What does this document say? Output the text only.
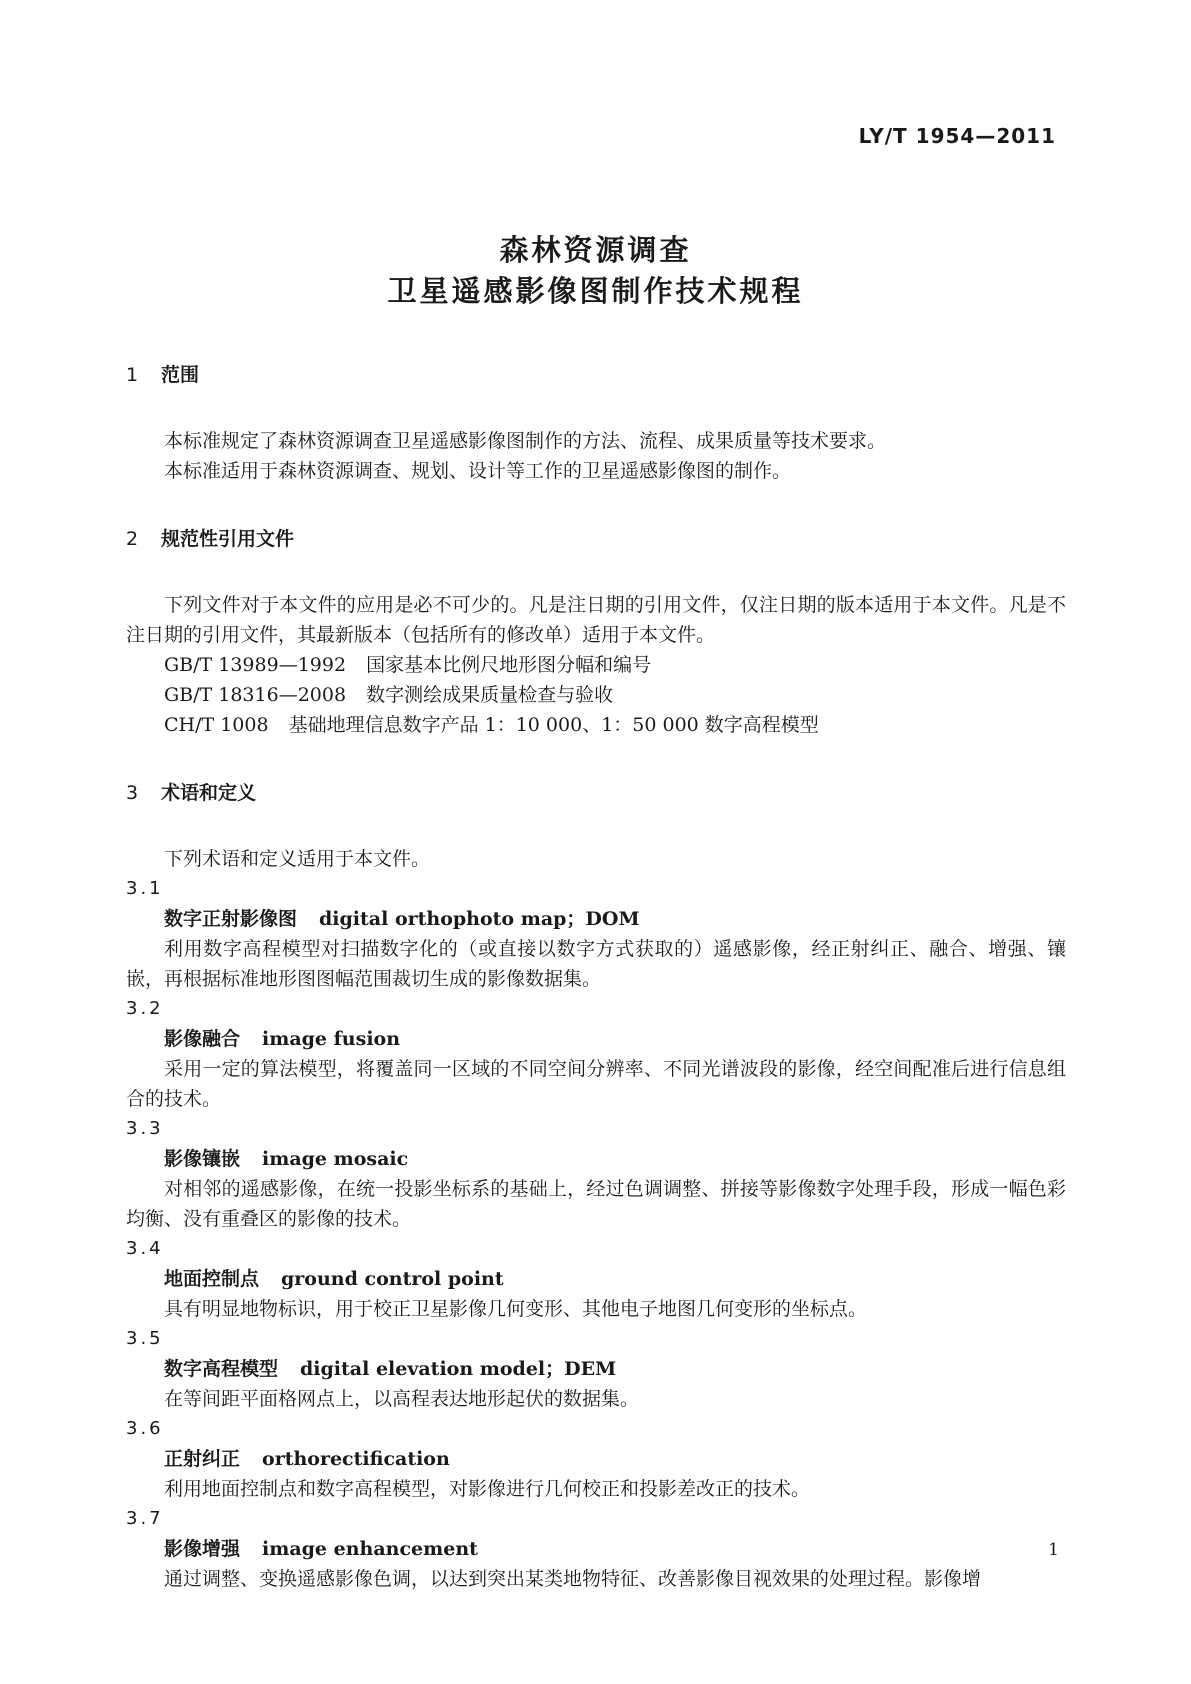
LY/T 1954—2011
森林资源调查
卫星遥感影像图制作技术规程
1	范围

本标准规定了森林资源调查卫星遥感影像图制作的方法、流程、成果质量等技术要求。

本标准适用于森林资源调查、规划、设计等工作的卫星遥感影像图的制作。

2	规范性引用文件

下列文件对于本文件的应用是必不可少的。凡是注日期的引用文件，仅注日期的版本适用于本文件。凡是不注日期的引用文件，其最新版本（包括所有的修改单）适用于本文件。

GB/T 13989—1992 国家基本比例尺地形图分幅和编号
GB/T 18316—2008 数字测绘成果质量检查与验收
CH/T 1008 基础地理信息数字产品 1：10 000、1：50 000 数字高程模型
3	术语和定义

下列术语和定义适用于本文件。

3.1
数字正射影像图 digital orthophoto map；DOM

利用数字高程模型对扫描数字化的（或直接以数字方式获取的）遥感影像，经正射纠正、融合、增强、镶嵌，再根据标准地形图图幅范围裁切生成的影像数据集。

3.2
影像融合 image fusion

采用一定的算法模型，将覆盖同一区域的不同空间分辨率、不同光谱波段的影像，经空间配准后进行信息组合的技术。

3.3
影像镶嵌 image mosaic

对相邻的遥感影像，在统一投影坐标系的基础上，经过色调调整、拼接等影像数字处理手段，形成一幅色彩均衡、没有重叠区的影像的技术。

3.4
地面控制点 ground control point

具有明显地物标识，用于校正卫星影像几何变形、其他电子地图几何变形的坐标点。

3.5
数字高程模型 digital elevation model；DEM

在等间距平面格网点上，以高程表达地形起伏的数据集。

3.6
正射纠正 orthorectification

利用地面控制点和数字高程模型，对影像进行几何校正和投影差改正的技术。

3.7
影像增强 image enhancement

通过调整、变换遥感影像色调，以达到突出某类地物特征、改善影像目视效果的处理过程。影像增

1
